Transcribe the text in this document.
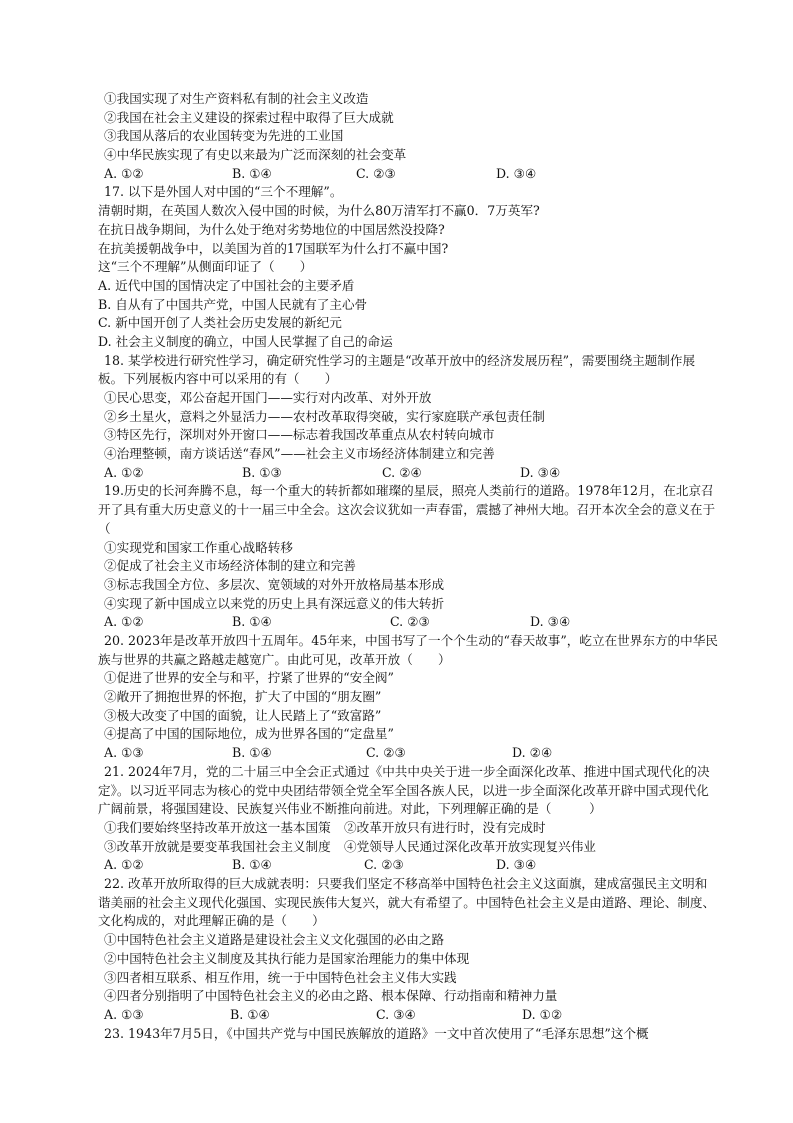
①我国实现了对生产资料私有制的社会主义改造
②我国在社会主义建设的探索过程中取得了巨大成就
③我国从落后的农业国转变为先进的工业国
④中华民族实现了有史以来最为广泛而深刻的社会变革
A. ①②	B. ①④	C. ②③	D. ③④
17. 以下是外国人对中国的“三个不理解”。
清朝时期，在英国人数次入侵中国的时候，为什么80万清军打不赢0．7万英军?
在抗日战争期间，为什么处于绝对劣势地位的中国居然没投降?
在抗美援朝战争中，以美国为首的17国联军为什么打不赢中国?
这“三个不理解”从侧面印证了（　　）
A. 近代中国的国情决定了中国社会的主要矛盾
B. 自从有了中国共产党，中国人民就有了主心骨
C. 新中国开创了人类社会历史发展的新纪元
D. 社会主义制度的确立，中国人民掌握了自己的命运
18. 某学校进行研究性学习，确定研究性学习的主题是“改革开放中的经济发展历程”，需要围绕主题制作展板。下列展板内容中可以采用的有（　　）
①民心思变，邓公奋起开国门——实行对内改革、对外开放
②乡土星火，意料之外显活力——农村改革取得突破，实行家庭联产承包责任制
③特区先行，深圳对外开窗口——标志着我国改革重点从农村转向城市
④治理整顿，南方谈话送“春风”——社会主义市场经济体制建立和完善
A. ①②	B. ①③	C. ②④	D. ③④
19.历史的长河奔腾不息，每一个重大的转折都如璀璨的星辰，照亮人类前行的道路。1978年12月，在北京召开了具有重大历史意义的十一届三中全会。这次会议犹如一声春雷，震撼了神州大地。召开本次全会的意义在于（
①实现党和国家工作重心战略转移
②促成了社会主义市场经济体制的建立和完善
③标志我国全方位、多层次、宽领域的对外开放格局基本形成
④实现了新中国成立以来党的历史上具有深远意义的伟大转折
A. ①②	B. ①④	C. ②③	D. ③④
20. 2023年是改革开放四十五周年。45年来，中国书写了一个个生动的“春天故事”，屹立在世界东方的中华民族与世界的共赢之路越走越宽广。由此可见，改革开放（　　）
①促进了世界的安全与和平，拧紧了世界的“安全阀”
②敞开了拥抱世界的怀抱，扩大了中国的“朋友圈”
③极大改变了中国的面貌，让人民踏上了“致富路”
④提高了中国的国际地位，成为世界各国的“定盘星”
A. ①③	B. ①④	C. ②③	D. ②④
21. 2024年7月，党的二十届三中全会正式通过《中共中央关于进一步全面深化改革、推进中国式现代化的决定》。以习近平同志为核心的党中央团结带领全党全军全国各族人民，以进一步全面深化改革开辟中国式现代化广阔前景，将强国建设、民族复兴伟业不断推向前进。对此，下列理解正确的是（　　　）
①我们要始终坚持改革开放这一基本国策	②改革开放只有进行时，没有完成时
③改革开放就是要变革我国社会主义制度	④党领导人民通过深化改革开放实现复兴伟业
A. ①②	B. ①④	C. ②③	D. ③④
22. 改革开放所取得的巨大成就表明：只要我们坚定不移高举中国特色社会主义这面旗，建成富强民主文明和谐美丽的社会主义现代化强国、实现民族伟大复兴，就大有希望了。中国特色社会主义是由道路、理论、制度、文化构成的，对此理解正确的是（　　）
①中国特色社会主义道路是建设社会主义文化强国的必由之路
②中国特色社会主义制度及其执行能力是国家治理能力的集中体现
③四者相互联系、相互作用，统一于中国特色社会主义伟大实践
④四者分别指明了中国特色社会主义的必由之路、根本保障、行动指南和精神力量
A. ①③	B. ①④	C. ③④	D. ①②
23. 1943年7月5日，《中国共产党与中国民族解放的道路》一文中首次使用了“毛泽东思想”这个概
